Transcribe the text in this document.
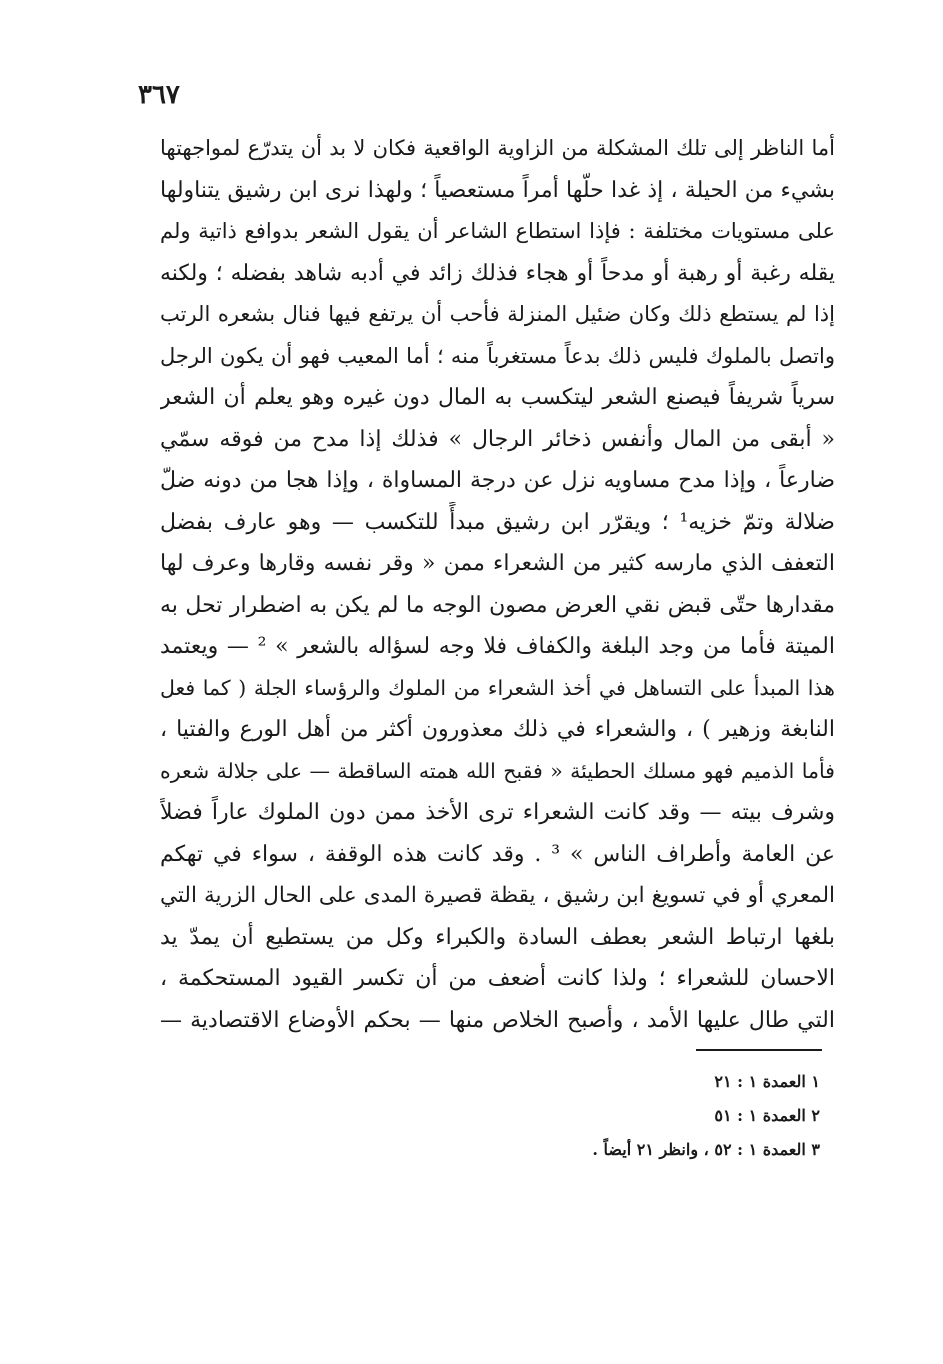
٣٦٧
أما الناظر إلى تلك المشكلة من الزاوية الواقعية فكان لا بد أن يتدرّع لمواجهتها
بشيء من الحيلة ، إذ غدا حلّها أمراً مستعصياً ؛ ولهذا نرى ابن رشيق يتناولها
على مستويات مختلفة : فإذا استطاع الشاعر أن يقول الشعر بدوافع ذاتية ولم
يقله رغبة أو رهبة أو مدحاً أو هجاء فذلك زائد في أدبه شاهد بفضله ؛ ولكنه
إذا لم يستطع ذلك وكان ضئيل المنزلة فأحب أن يرتفع فيها فنال بشعره الرتب
واتصل بالملوك فليس ذلك بدعاً مستغرباً منه ؛ أما المعيب فهو أن يكون الرجل
سرياً شريفاً فيصنع الشعر ليتكسب به المال دون غيره وهو يعلم أن الشعر
« أبقى من المال وأنفس ذخائر الرجال » فذلك إذا مدح من فوقه سمّي
ضارعاً ، وإذا مدح مساويه نزل عن درجة المساواة ، وإذا هجا من دونه ضلّ
ضلالة وتمّ خزيه¹ ؛ ويقرّر ابن رشيق مبدأً للتكسب — وهو عارف بفضل
التعفف الذي مارسه كثير من الشعراء ممن « وقر نفسه وقارها وعرف لها
مقدارها حتّى قبض نقي العرض مصون الوجه ما لم يكن به اضطرار تحل به
الميتة فأما من وجد البلغة والكفاف فلا وجه لسؤاله بالشعر » ² — ويعتمد
هذا المبدأ على التساهل في أخذ الشعراء من الملوك والرؤساء الجلة ( كما فعل
النابغة وزهير ) ، والشعراء في ذلك معذورون أكثر من أهل الورع والفتيا ،
فأما الذميم فهو مسلك الحطيئة « فقبح الله همته الساقطة — على جلالة شعره
وشرف بيته — وقد كانت الشعراء ترى الأخذ ممن دون الملوك عاراً فضلاً
عن العامة وأطراف الناس » ³ . وقد كانت هذه الوقفة ، سواء في تهكم
المعري أو في تسويغ ابن رشيق ، يقظة قصيرة المدى على الحال الزرية التي
بلغها ارتباط الشعر بعطف السادة والكبراء وكل من يستطيع أن يمدّ يد
الاحسان للشعراء ؛ ولذا كانت أضعف من أن تكسر القيود المستحكمة ،
التي طال عليها الأمد ، وأصبح الخلاص منها — بحكم الأوضاع الاقتصادية —
١ العمدة ١ : ٢١
٢ العمدة ١ : ٥١
٣ العمدة ١ : ٥٢ ، وانظر ٢١ أيضاً .
